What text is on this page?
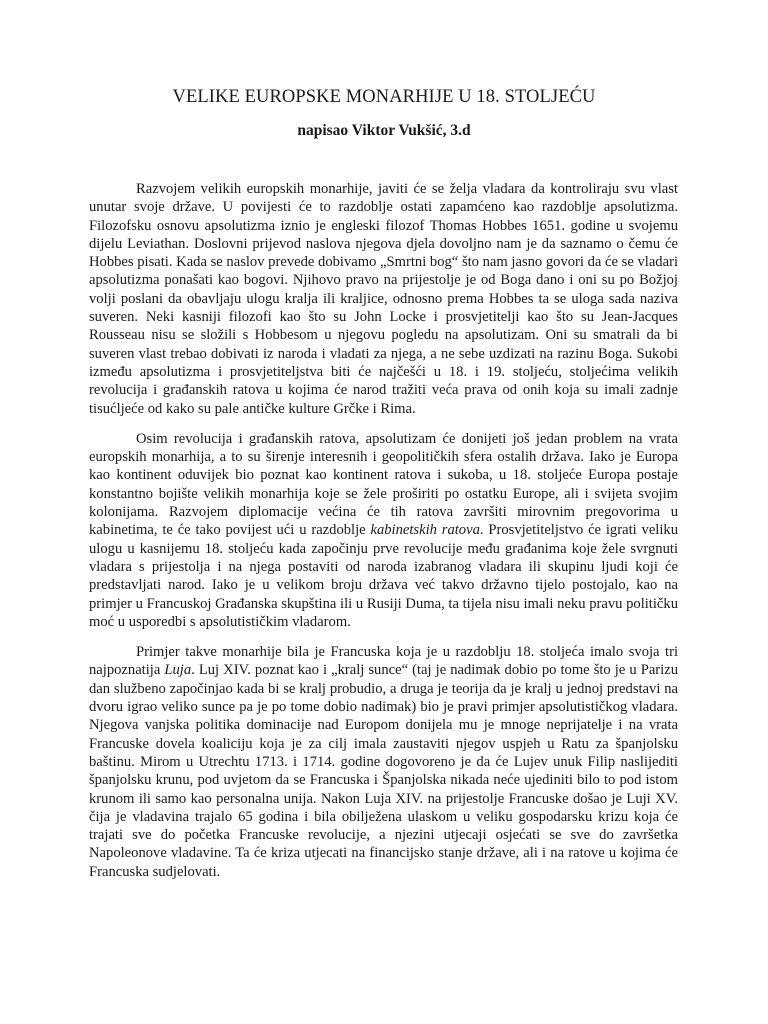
VELIKE EUROPSKE MONARHIJE U 18. STOLJEĆU
napisao Viktor Vukšić, 3.d

Razvojem velikih europskih monarhije, javiti će se želja vladara da kontroliraju svu vlast unutar svoje države. U povijesti će to razdoblje ostati zapamćeno kao razdoblje apsolutizma. Filozofsku osnovu apsolutizma iznio je engleski filozof Thomas Hobbes 1651. godine u svojemu dijelu Leviathan. Doslovni prijevod naslova njegova djela dovoljno nam je da saznamo o čemu će Hobbes pisati. Kada se naslov prevede dobivamo „Smrtni bog“ što nam jasno govori da će se vladari apsolutizma ponašati kao bogovi. Njihovo pravo na prijestolje je od Boga dano i oni su po Božjoj volji poslani da obavljaju ulogu kralja ili kraljice, odnosno prema Hobbes ta se uloga sada naziva suveren. Neki kasniji filozofi kao što su John Locke i prosvjetitelji kao što su Jean-Jacques Rousseau nisu se složili s Hobbesom u njegovu pogledu na apsolutizam. Oni su smatrali da bi suveren vlast trebao dobivati iz naroda i vladati za njega, a ne sebe uzdizati na razinu Boga. Sukobi između apsolutizma i prosvjetiteljstva biti će najčešći u 18. i 19. stoljeću, stoljećima velikih revolucija i građanskih ratova u kojima će narod tražiti veća prava od onih koja su imali zadnje tisućljeće od kako su pale antičke kulture Grčke i Rima.

Osim revolucija i građanskih ratova, apsolutizam će donijeti još jedan problem na vrata europskih monarhija, a to su širenje interesnih i geopolitičkih sfera ostalih država. Iako je Europa kao kontinent oduvijek bio poznat kao kontinent ratova i sukoba, u 18. stoljeće Europa postaje konstantno bojište velikih monarhija koje se žele proširiti po ostatku Europe, ali i svijeta svojim kolonijama. Razvojem diplomacije većina će tih ratova završiti mirovnim pregovorima u kabinetima, te će tako povijest ući u razdoblje kabinetskih ratova. Prosvjetiteljstvo će igrati veliku ulogu u kasnijemu 18. stoljeću kada započinju prve revolucije među građanima koje žele svrgnuti vladara s prijestolja i na njega postaviti od naroda izabranog vladara ili skupinu ljudi koji će predstavljati narod. Iako je u velikom broju država već takvo državno tijelo postojalo, kao na primjer u Francuskoj Građanska skupština ili u Rusiji Duma, ta tijela nisu imali neku pravu političku moć u usporedbi s apsolutističkim vladarom.

Primjer takve monarhije bila je Francuska koja je u razdoblju 18. stoljeća imalo svoja tri najpoznatija Luja. Luj XIV. poznat kao i „kralj sunce“ (taj je nadimak dobio po tome što je u Parizu dan službeno započinjao kada bi se kralj probudio, a druga je teorija da je kralj u jednoj predstavi na dvoru igrao veliko sunce pa je po tome dobio nadimak) bio je pravi primjer apsolutističkog vladara. Njegova vanjska politika dominacije nad Europom donijela mu je mnoge neprijatelje i na vrata Francuske dovela koaliciju koja je za cilj imala zaustaviti njegov uspjeh u Ratu za španjolsku baštinu. Mirom u Utrechtu 1713. i 1714. godine dogovoreno je da će Lujev unuk Filip naslijediti španjolsku krunu, pod uvjetom da se Francuska i Španjolska nikada neće ujediniti bilo to pod istom krunom ili samo kao personalna unija. Nakon Luja XIV. na prijestolje Francuske došao je Luji XV. čija je vladavina trajalo 65 godina i bila obilježena ulaskom u veliku gospodarsku krizu koja će trajati sve do početka Francuske revolucije, a njezini utjecaji osjećati se sve do završetka Napoleonove vladavine. Ta će kriza utjecati na financijsko stanje države, ali i na ratove u kojima će Francuska sudjelovati.
